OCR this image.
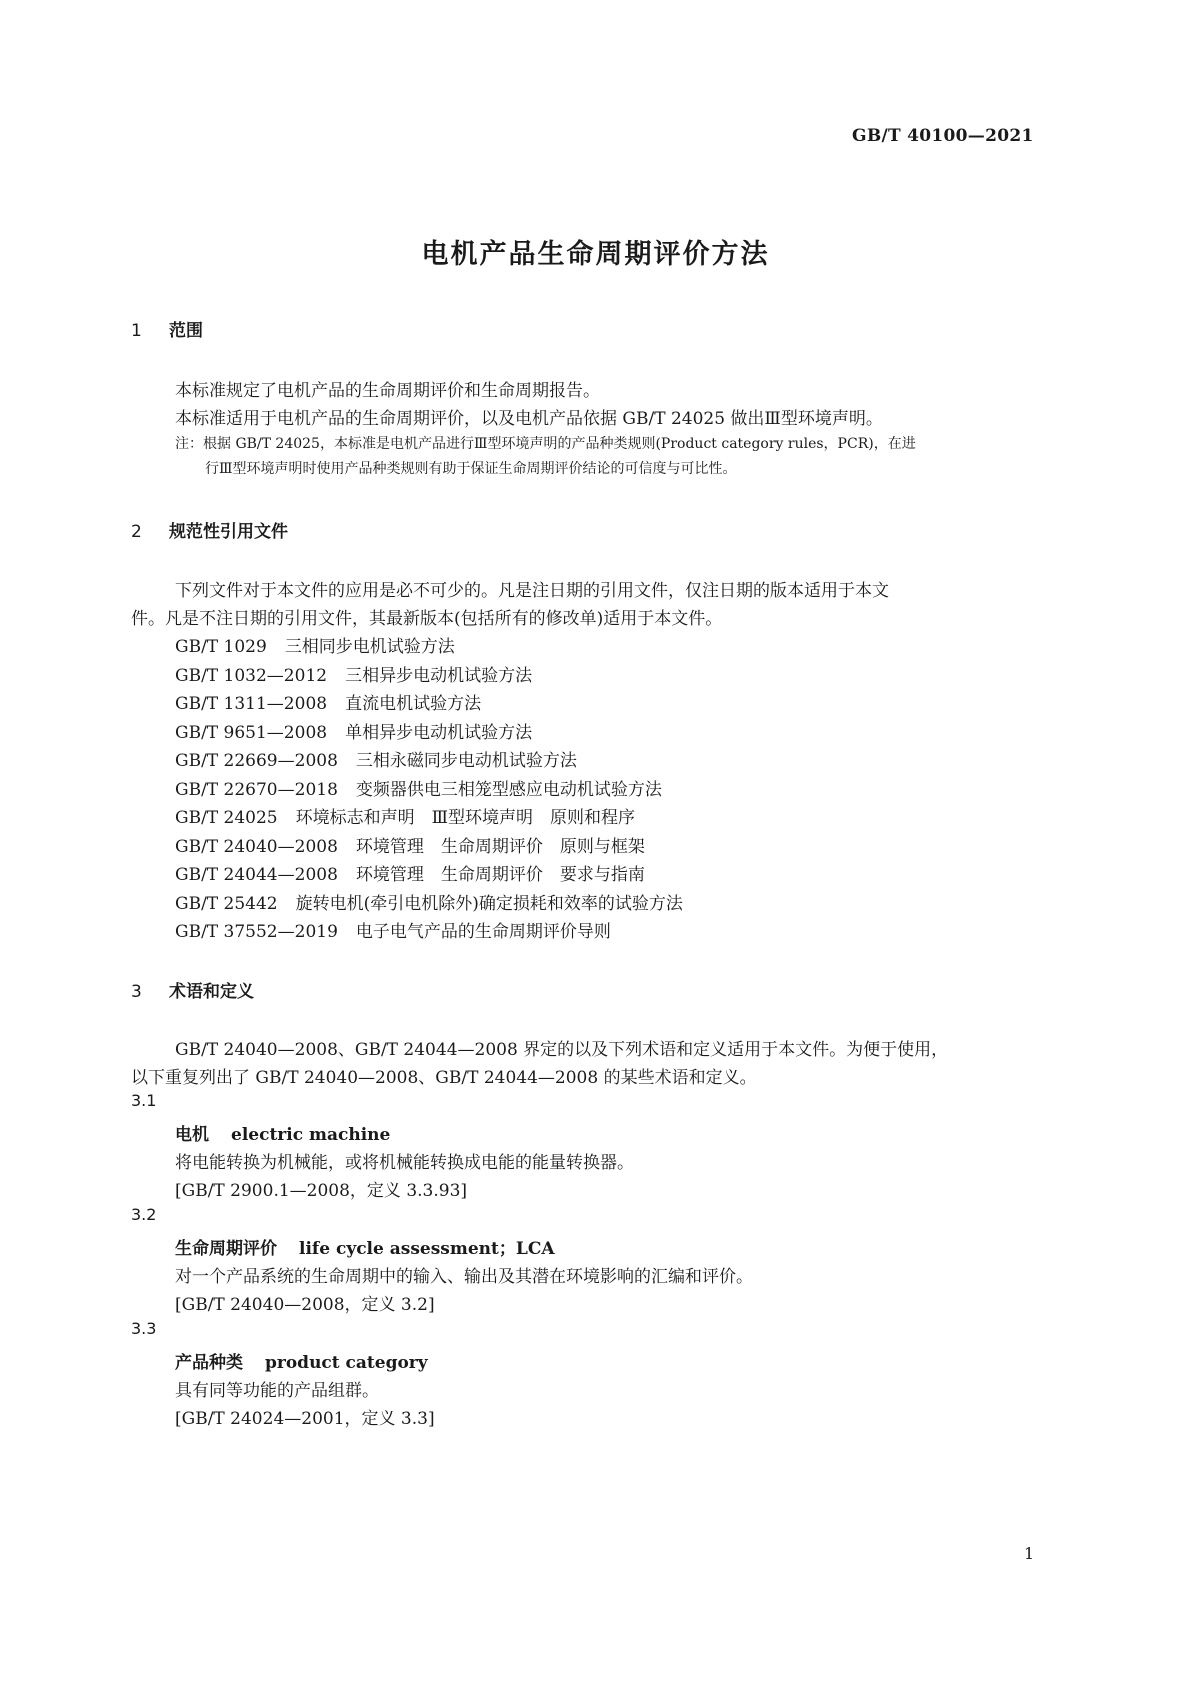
GB/T 40100—2021
电机产品生命周期评价方法
1 范围
本标准规定了电机产品的生命周期评价和生命周期报告。
本标准适用于电机产品的生命周期评价，以及电机产品依据 GB/T 24025 做出Ⅲ型环境声明。
注：根据 GB/T 24025，本标准是电机产品进行Ⅲ型环境声明的产品种类规则(Product category rules，PCR)，在进
行Ⅲ型环境声明时使用产品种类规则有助于保证生命周期评价结论的可信度与可比性。
2 规范性引用文件
下列文件对于本文件的应用是必不可少的。凡是注日期的引用文件，仅注日期的版本适用于本文
件。凡是不注日期的引用文件，其最新版本(包括所有的修改单)适用于本文件。
GB/T 1029 三相同步电机试验方法
GB/T 1032—2012 三相异步电动机试验方法
GB/T 1311—2008 直流电机试验方法
GB/T 9651—2008 单相异步电动机试验方法
GB/T 22669—2008 三相永磁同步电动机试验方法
GB/T 22670—2018 变频器供电三相笼型感应电动机试验方法
GB/T 24025 环境标志和声明　Ⅲ型环境声明　原则和程序
GB/T 24040—2008 环境管理　生命周期评价　原则与框架
GB/T 24044—2008 环境管理　生命周期评价　要求与指南
GB/T 25442 旋转电机(牵引电机除外)确定损耗和效率的试验方法
GB/T 37552—2019 电子电气产品的生命周期评价导则
3 术语和定义
GB/T 24040—2008、GB/T 24044—2008 界定的以及下列术语和定义适用于本文件。为便于使用，
以下重复列出了 GB/T 24040—2008、GB/T 24044—2008 的某些术语和定义。
3.1
电机 electric machine
将电能转换为机械能，或将机械能转换成电能的能量转换器。
[GB/T 2900.1—2008，定义 3.3.93]
3.2
生命周期评价 life cycle assessment；LCA
对一个产品系统的生命周期中的输入、输出及其潜在环境影响的汇编和评价。
[GB/T 24040—2008，定义 3.2]
3.3
产品种类 product category
具有同等功能的产品组群。
[GB/T 24024—2001，定义 3.3]
1
